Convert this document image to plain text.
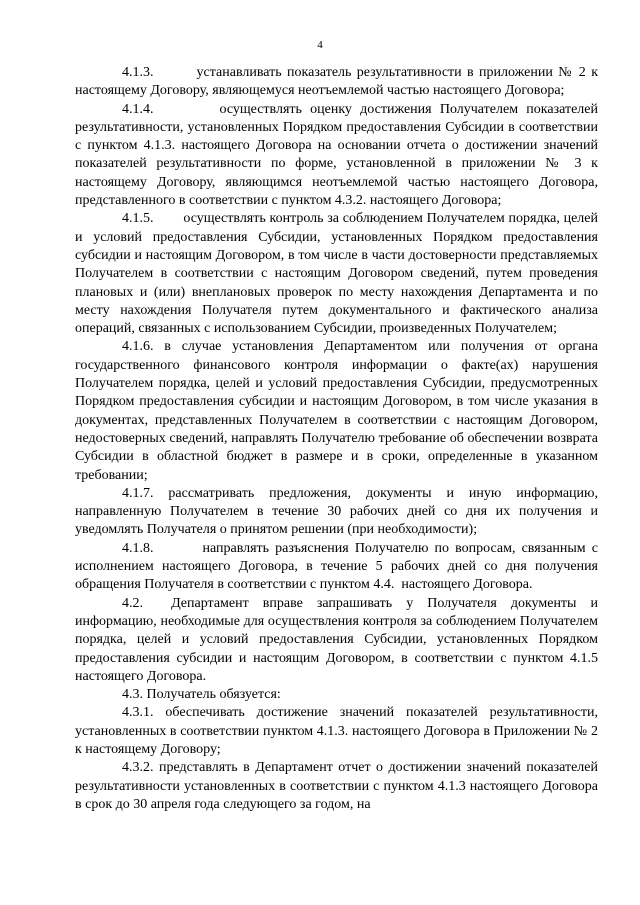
4

4.1.3.        устанавливать показатель результативности в приложении № 2 к настоящему Договору, являющемуся неотъемлемой частью настоящего Договора;

4.1.4.        осуществлять оценку достижения Получателем показателей результативности, установленных Порядком предоставления Субсидии в соответствии с пунктом 4.1.3. настоящего Договора на основании отчета о достижении значений показателей результативности по форме, установленной в приложении № 3 к настоящему Договору, являющимся неотъемлемой частью настоящего Договора, представленного в соответствии с пунктом 4.3.2. настоящего Договора;

4.1.5.        осуществлять контроль за соблюдением Получателем порядка, целей и условий предоставления Субсидии, установленных Порядком предоставления субсидии и настоящим Договором, в том числе в части достоверности представляемых Получателем в соответствии с настоящим Договором сведений, путем проведения плановых и (или) внеплановых проверок по месту нахождения Департамента и по месту нахождения Получателя путем документального и фактического анализа операций, связанных с использованием Субсидии, произведенных Получателем;

4.1.6. в случае установления Департаментом или получения от органа государственного финансового контроля информации о факте(ах) нарушения Получателем порядка, целей и условий предоставления Субсидии, предусмотренных Порядком предоставления субсидии и настоящим Договором, в том числе указания в документах, представленных Получателем в соответствии с настоящим Договором, недостоверных сведений, направлять Получателю требование об обеспечении возврата Субсидии в областной бюджет в размере и в сроки, определенные в указанном требовании;

4.1.7. рассматривать предложения, документы и иную информацию, направленную Получателем в течение 30 рабочих дней со дня их получения и уведомлять Получателя о принятом решении (при необходимости);

4.1.8.        направлять разъяснения Получателю по вопросам, связанным с исполнением настоящего Договора, в течение 5 рабочих дней со дня получения обращения Получателя в соответствии с пунктом 4.4.  настоящего Договора.

4.2.  Департамент вправе запрашивать у Получателя документы и информацию, необходимые для осуществления контроля за соблюдением Получателем порядка, целей и условий предоставления Субсидии, установленных Порядком предоставления субсидии и настоящим Договором, в соответствии с пунктом 4.1.5 настоящего Договора.

4.3. Получатель обязуется:

4.3.1. обеспечивать достижение значений показателей результативности, установленных в соответствии пунктом 4.1.3. настоящего Договора в Приложении № 2 к настоящему Договору;

4.3.2. представлять в Департамент отчет о достижении значений показателей результативности установленных в соответствии с пунктом 4.1.3 настоящего Договора в срок до 30 апреля года следующего за годом, на
